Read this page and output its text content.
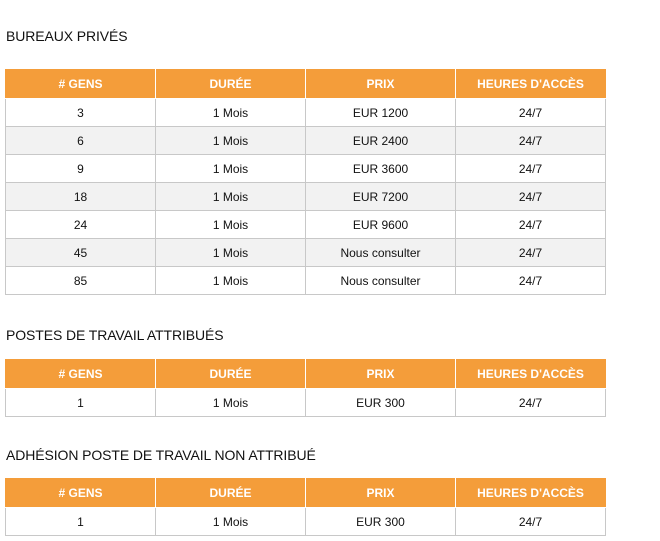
BUREAUX PRIVÉS
# GENS	DURÉE	PRIX	HEURES D'ACCÈS
3	1 Mois	EUR 1200	24/7
6	1 Mois	EUR 2400	24/7
9	1 Mois	EUR 3600	24/7
18	1 Mois	EUR 7200	24/7
24	1 Mois	EUR 9600	24/7
45	1 Mois	Nous consulter	24/7
85	1 Mois	Nous consulter	24/7
POSTES DE TRAVAIL ATTRIBUÉS
# GENS	DURÉE	PRIX	HEURES D'ACCÈS
1	1 Mois	EUR 300	24/7
ADHÉSION POSTE DE TRAVAIL NON ATTRIBUÉ
# GENS	DURÉE	PRIX	HEURES D'ACCÈS
1	1 Mois	EUR 300	24/7
